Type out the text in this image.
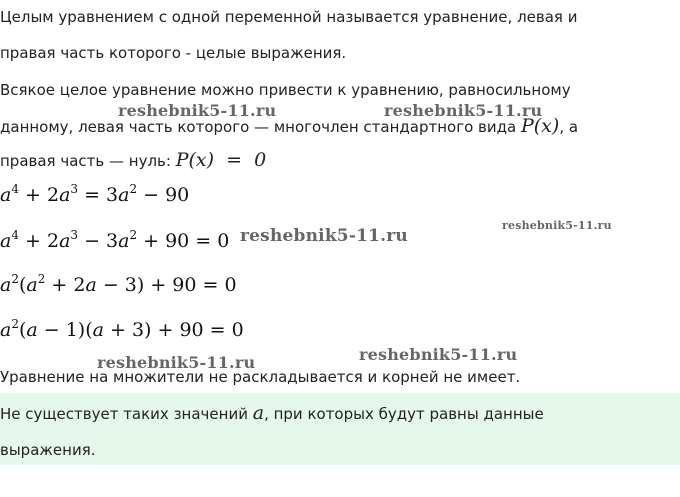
Целым уравнением с одной переменной называется уравнение, левая и
правая часть которого - целые выражения.
Всякое целое уравнение можно привести к уравнению, равносильному
данному, левая часть которого — многочлен стандартного вида P(x), а
правая часть — нуль: P(x)  =  0
$a^4 + 2a^3 = 3a^2 - 90$
$a^4 + 2a^3 - 3a^2 + 90 = 0$
$a^2(a^2 + 2a - 3) + 90 = 0$
$a^2(a - 1)(a + 3) + 90 = 0$
Уравнение на множители не раскладывается и корней не имеет.
Не существует таких значений a, при которых будут равны данные
выражения.
reshebnik5-11.ru	reshebnik5-11.ru
reshebnik5-11.ru
reshebnik5-11.ru
reshebnik5-11.ru
reshebnik5-11.ru
